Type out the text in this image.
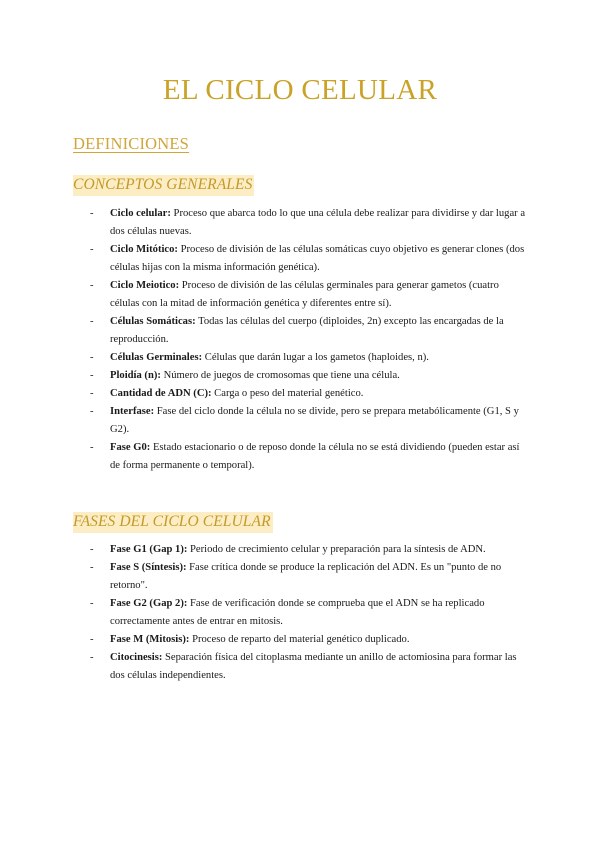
EL CICLO CELULAR
DEFINICIONES
CONCEPTOS GENERALES
- Ciclo celular: Proceso que abarca todo lo que una célula debe realizar para dividirse y dar lugar a dos células nuevas.
- Ciclo Mitótico: Proceso de división de las células somáticas cuyo objetivo es generar clones (dos células hijas con la misma información genética).
- Ciclo Meiotico: Proceso de división de las células germinales para generar gametos (cuatro células con la mitad de información genética y diferentes entre sí).
- Células Somáticas: Todas las células del cuerpo (diploides, 2n) excepto las encargadas de la reproducción.
- Células Germinales: Células que darán lugar a los gametos (haploides, n).
- Ploidía (n): Número de juegos de cromosomas que tiene una célula.
- Cantidad de ADN (C): Carga o peso del material genético.
- Interfase: Fase del ciclo donde la célula no se divide, pero se prepara metabólicamente (G1, S y G2).
- Fase G0: Estado estacionario o de reposo donde la célula no se está dividiendo (pueden estar así de forma permanente o temporal).
FASES DEL CICLO CELULAR
- Fase G1 (Gap 1): Periodo de crecimiento celular y preparación para la síntesis de ADN.
- Fase S (Síntesis): Fase crítica donde se produce la replicación del ADN. Es un "punto de no retorno".
- Fase G2 (Gap 2): Fase de verificación donde se comprueba que el ADN se ha replicado correctamente antes de entrar en mitosis.
- Fase M (Mitosis): Proceso de reparto del material genético duplicado.
- Citocinesis: Separación física del citoplasma mediante un anillo de actomiosina para formar las dos células independientes.
